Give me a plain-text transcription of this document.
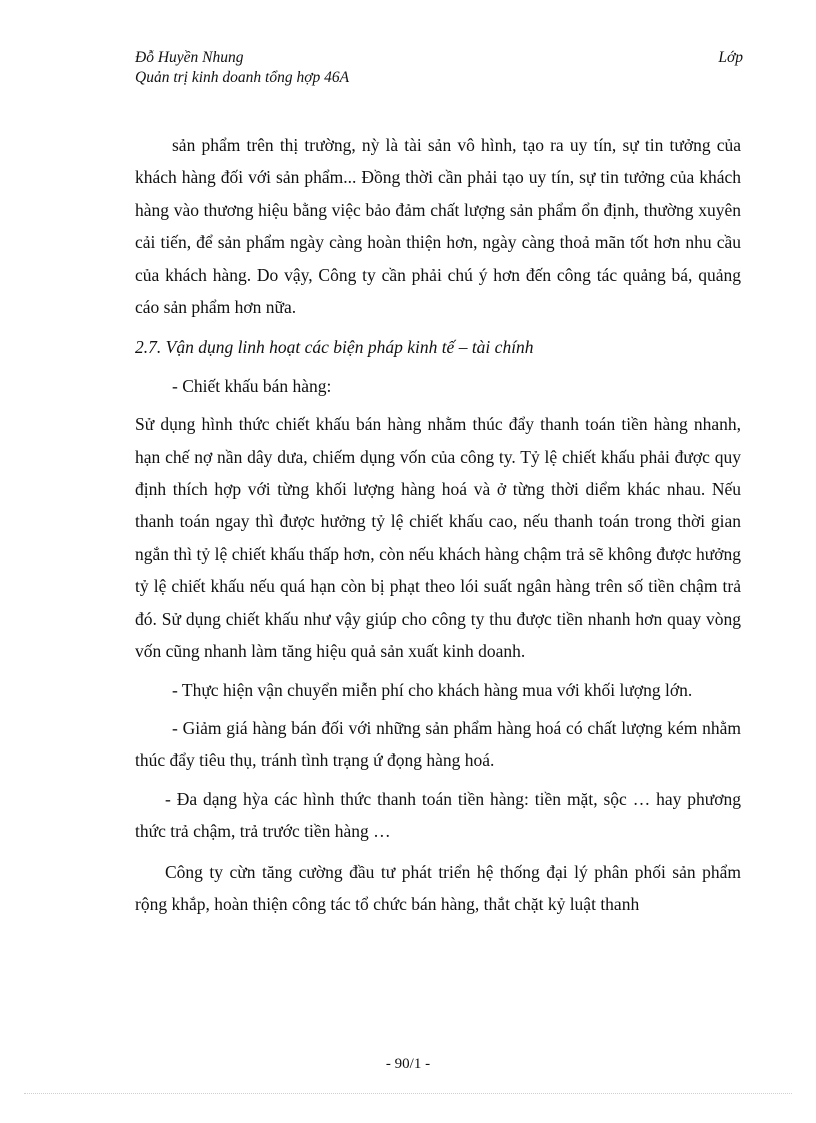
Đỗ Huyền Nhung	Lớp
Quản trị kinh doanh tổng hợp 46A

sản phẩm trên thị trường, nỳ là tài sản vô hình, tạo ra uy tín, sự tin tưởng của khách hàng đối với sản phẩm... Đồng thời cần phải tạo uy tín, sự tin tưởng của khách hàng vào thương hiệu bằng việc bảo đảm chất lượng sản phẩm ổn định, thường xuyên cải tiến, để sản phẩm ngày càng hoàn thiện hơn, ngày càng thoả mãn tốt hơn nhu cầu của khách hàng. Do vậy, Công ty cần phải chú ý hơn đến công tác quảng bá, quảng cáo sản phẩm hơn nữa.

2.7. Vận dụng linh hoạt các biện pháp kinh tế – tài chính

- Chiết khấu bán hàng:

Sử dụng hình thức chiết khấu bán hàng nhằm thúc đẩy thanh toán tiền hàng nhanh, hạn chế nợ nần dây dưa, chiếm dụng vốn của công ty. Tỷ lệ chiết khấu phải được quy định thích hợp với từng khối lượng hàng hoá và ở từng thời diểm khác nhau. Nếu thanh toán ngay thì được hưởng tỷ lệ chiết khấu cao, nếu thanh toán trong thời gian ngắn thì tỷ lệ chiết khấu thấp hơn, còn nếu khách hàng chậm trả sẽ không được hưởng tỷ lệ chiết khấu nếu quá hạn còn bị phạt theo lói suất ngân hàng trên số tiền chậm trả đó. Sử dụng chiết khấu như vậy giúp cho công ty thu được tiền nhanh hơn quay vòng vốn cũng nhanh làm tăng hiệu quả sản xuất kinh doanh.

- Thực hiện vận chuyển miễn phí cho khách hàng mua với khối lượng lớn.

- Giảm giá hàng bán đối với những sản phẩm hàng hoá có chất lượng kém nhằm thúc đẩy tiêu thụ, tránh tình trạng ứ đọng hàng hoá.

- Đa dạng hỳa các hình thức thanh toán tiền hàng: tiền mặt, sộc … hay phương thức trả chậm, trả trước tiền hàng …

Công ty cừn tăng cường đầu tư phát triển hệ thống đại lý phân phối sản phẩm rộng khắp, hoàn thiện công tác tổ chức bán hàng, thắt chặt kỷ luật thanh

- 90/1 -
